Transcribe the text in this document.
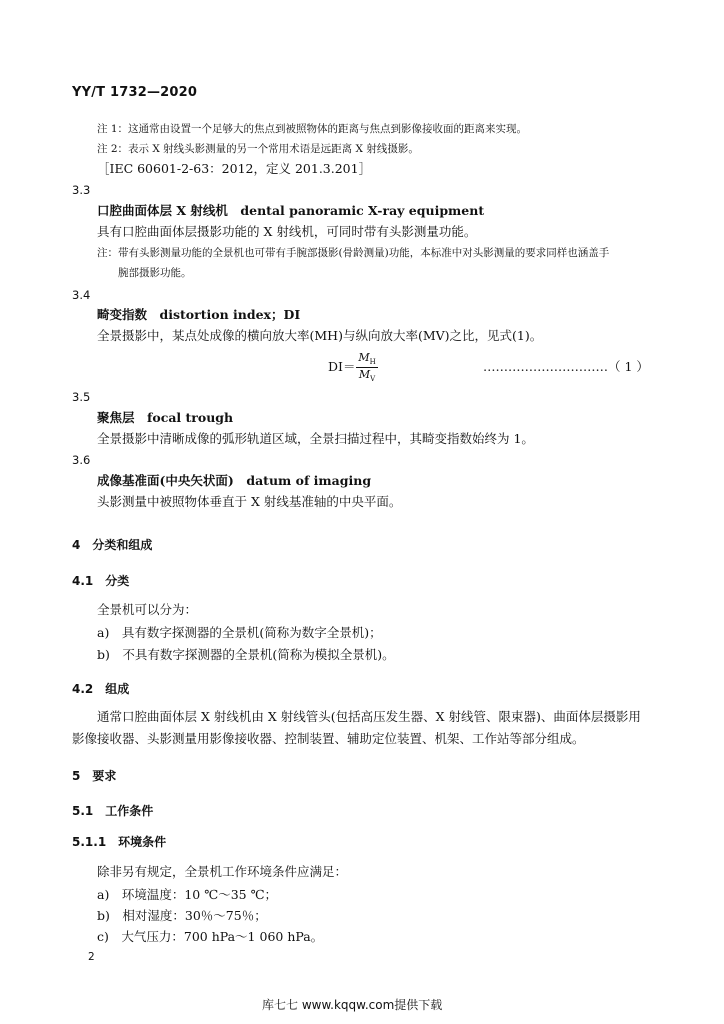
YY/T 1732—2020
注 1：这通常由设置一个足够大的焦点到被照物体的距离与焦点到影像接收面的距离来实现。
注 2：表示 X 射线头影测量的另一个常用术语是远距离 X 射线摄影。
［IEC 60601-2-63：2012，定义 201.3.201］
3.3
口腔曲面体层 X 射线机　dental panoramic X-ray equipment
具有口腔曲面体层摄影功能的 X 射线机，可同时带有头影测量功能。
注：带有头影测量功能的全景机也可带有手腕部摄影(骨龄测量)功能，本标准中对头影测量的要求同样也涵盖手
腕部摄影功能。
3.4
畸变指数　distortion index；DI
全景摄影中，某点处成像的横向放大率(MH)与纵向放大率(MV)之比，见式(1)。
DI＝
$M_H$
$M_V$
…………………………（ 1 ）
3.5
聚焦层　focal trough
全景摄影中清晰成像的弧形轨道区域，全景扫描过程中，其畸变指数始终为 1。
3.6
成像基准面(中央矢状面)　datum of imaging
头影测量中被照物体垂直于 X 射线基准轴的中央平面。
4　分类和组成
4.1　分类
全景机可以分为：
a)　具有数字探测器的全景机(简称为数字全景机)；
b)　不具有数字探测器的全景机(简称为模拟全景机)。
4.2　组成
通常口腔曲面体层 X 射线机由 X 射线管头(包括高压发生器、X 射线管、限束器)、曲面体层摄影用
影像接收器、头影测量用影像接收器、控制装置、辅助定位装置、机架、工作站等部分组成。
5　要求
5.1　工作条件
5.1.1　环境条件
除非另有规定，全景机工作环境条件应满足：
a)　环境温度：10 ℃～35 ℃；
b)　相对湿度：30％～75％；
c)　大气压力：700 hPa～1 060 hPa。
2
库七七 www.kqqw.com提供下载
